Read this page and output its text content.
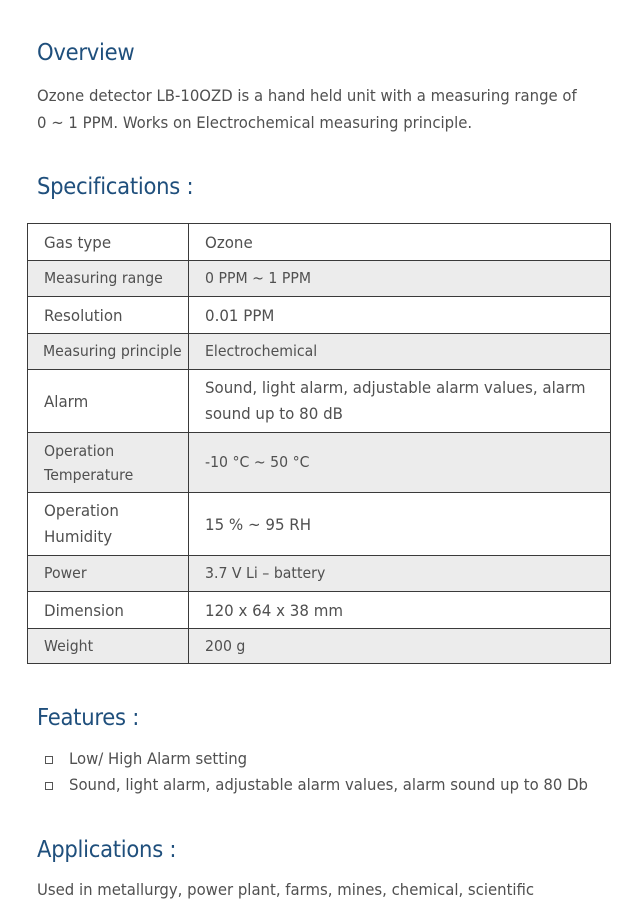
Overview

Ozone detector LB-10OZD is a hand held unit with a measuring range of

0 ~ 1 PPM. Works on Electrochemical measuring principle.

Specifications :
Gas type	Ozone
Measuring range	0 PPM ~ 1 PPM
Resolution	0.01 PPM
Measuring principle	Electrochemical
Alarm	Sound, light alarm, adjustable alarm values, alarm sound up to 80 dB

Operation Temperature	-10 °C ~ 50 °C

Operation Humidity	15 % ~ 95 RH
Power	3.7 V Li – battery
Dimension	120 x 64 x 38 mm
Weight	200 g
Features :
Low/ High Alarm setting
Sound, light alarm, adjustable alarm values, alarm sound up to 80 Db
Applications :

Used in metallurgy, power plant, farms, mines, chemical, scientific
